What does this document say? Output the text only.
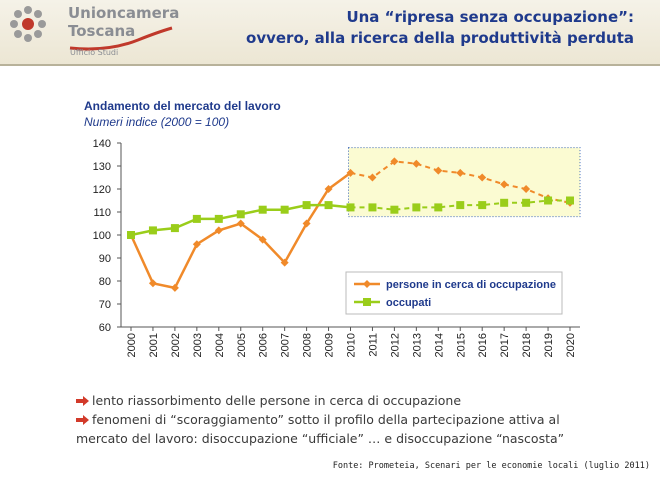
Unioncamera
Toscana
Ufficio Studi
Una “ripresa senza occupazione”:
ovvero, alla ricerca della produttività perduta
Andamento del mercato del lavoro
Numeri indice (2000 = 100)
60
70
80
90
100
110
120
130
140
2000 2001 2002 2003 2004 2005 2006 2007 2008 2009 2010 2011 2012 2013 2014 2015 2016 2017 2018 2019 2020
persone in cerca di occupazione
occupati
lento riassorbimento delle persone in cerca di occupazione
fenomeni di “scoraggiamento” sotto il profilo della partecipazione attiva al
mercato del lavoro: disoccupazione “ufficiale” … e disoccupazione “nascosta”
Fonte: Prometeia, Scenari per le economie locali (luglio 2011)
